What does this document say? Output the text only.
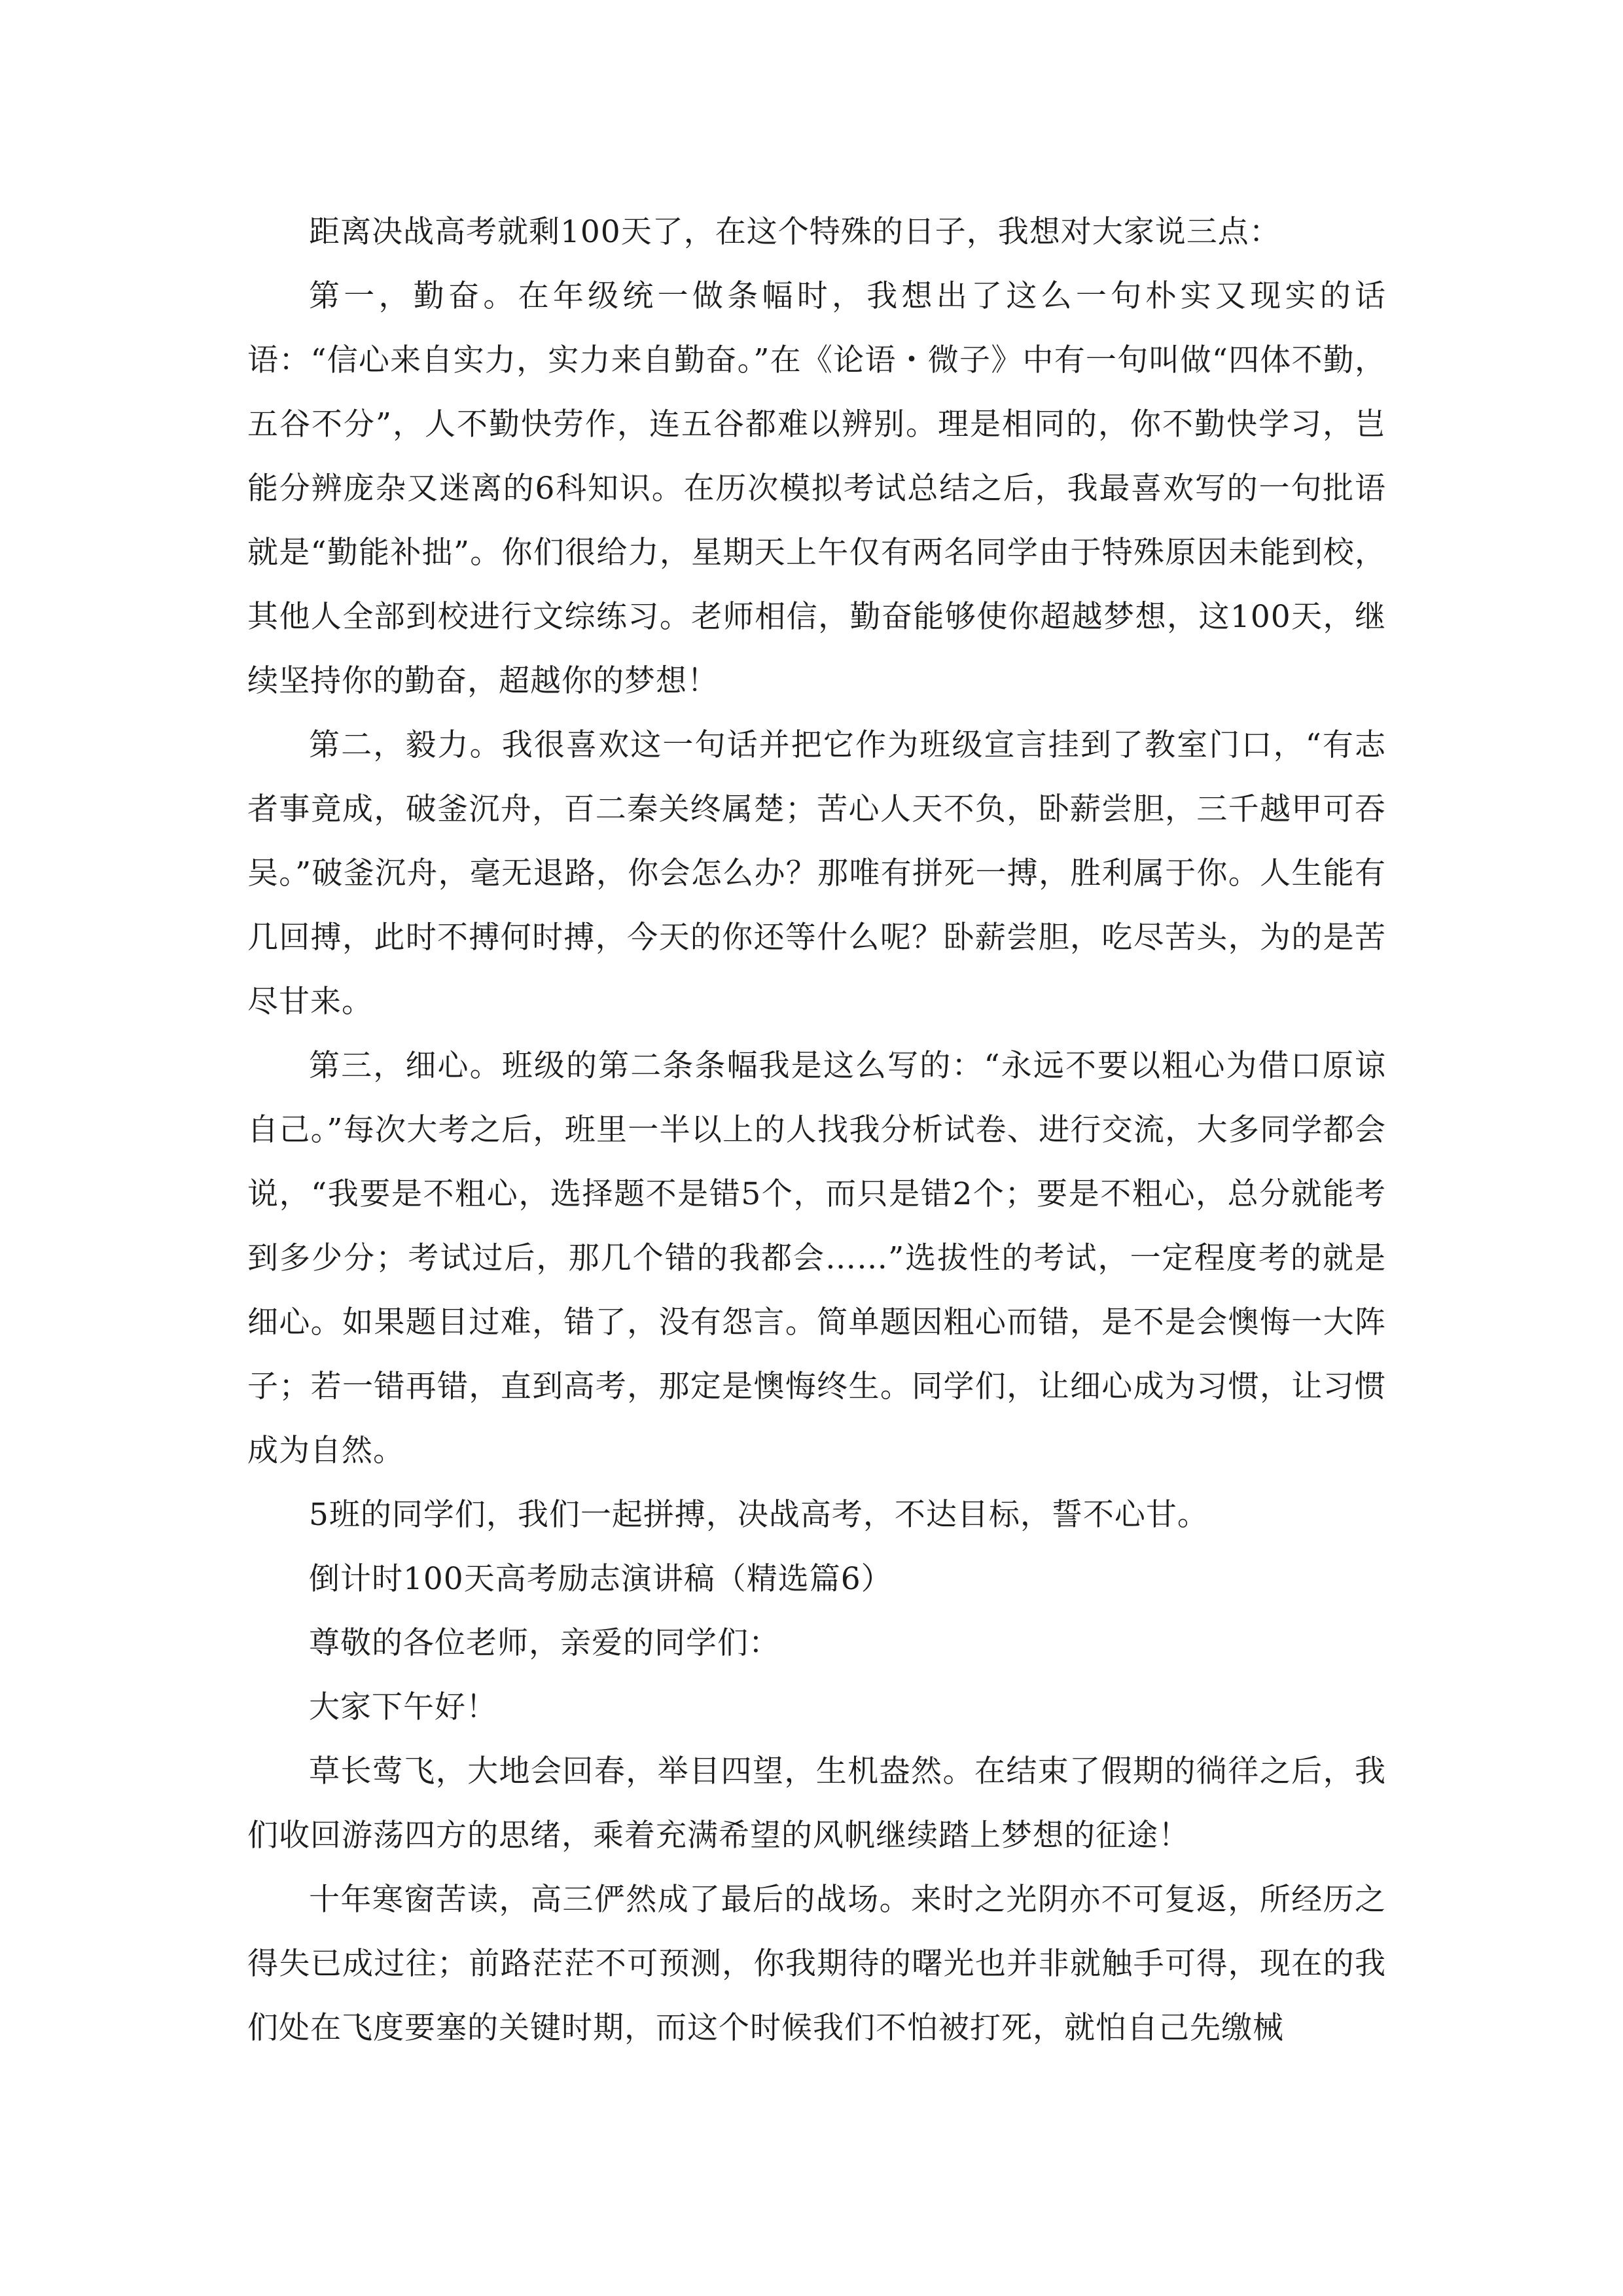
距离决战高考就剩100天了，在这个特殊的日子，我想对大家说三点：

第一，勤奋。在年级统一做条幅时，我想出了这么一句朴实又现实的话语：“信心来自实力，实力来自勤奋。”在《论语・微子》中有一句叫做“四体不勤，五谷不分”，人不勤快劳作，连五谷都难以辨别。理是相同的，你不勤快学习，岂能分辨庞杂又迷离的6科知识。在历次模拟考试总结之后，我最喜欢写的一句批语就是“勤能补拙”。你们很给力，星期天上午仅有两名同学由于特殊原因未能到校，其他人全部到校进行文综练习。老师相信，勤奋能够使你超越梦想，这100天，继续坚持你的勤奋，超越你的梦想！

第二，毅力。我很喜欢这一句话并把它作为班级宣言挂到了教室门口，“有志者事竟成，破釜沉舟，百二秦关终属楚；苦心人天不负，卧薪尝胆，三千越甲可吞吴。”破釜沉舟，毫无退路，你会怎么办？那唯有拼死一搏，胜利属于你。人生能有几回搏，此时不搏何时搏，今天的你还等什么呢？卧薪尝胆，吃尽苦头，为的是苦尽甘来。

第三，细心。班级的第二条条幅我是这么写的：“永远不要以粗心为借口原谅自己。”每次大考之后，班里一半以上的人找我分析试卷、进行交流，大多同学都会说，“我要是不粗心，选择题不是错5个，而只是错2个；要是不粗心，总分就能考到多少分；考试过后，那几个错的我都会……”选拔性的考试，一定程度考的就是细心。如果题目过难，错了，没有怨言。简单题因粗心而错，是不是会懊悔一大阵子；若一错再错，直到高考，那定是懊悔终生。同学们，让细心成为习惯，让习惯成为自然。

5班的同学们，我们一起拼搏，决战高考，不达目标，誓不心甘。

倒计时100天高考励志演讲稿（精选篇6）

尊敬的各位老师，亲爱的同学们：

大家下午好！

草长莺飞，大地会回春，举目四望，生机盎然。在结束了假期的徜徉之后，我们收回游荡四方的思绪，乘着充满希望的风帆继续踏上梦想的征途！

十年寒窗苦读，高三俨然成了最后的战场。来时之光阴亦不可复返，所经历之得失已成过往；前路茫茫不可预测，你我期待的曙光也并非就触手可得，现在的我们处在飞度要塞的关键时期，而这个时候我们不怕被打死，就怕自己先缴械
